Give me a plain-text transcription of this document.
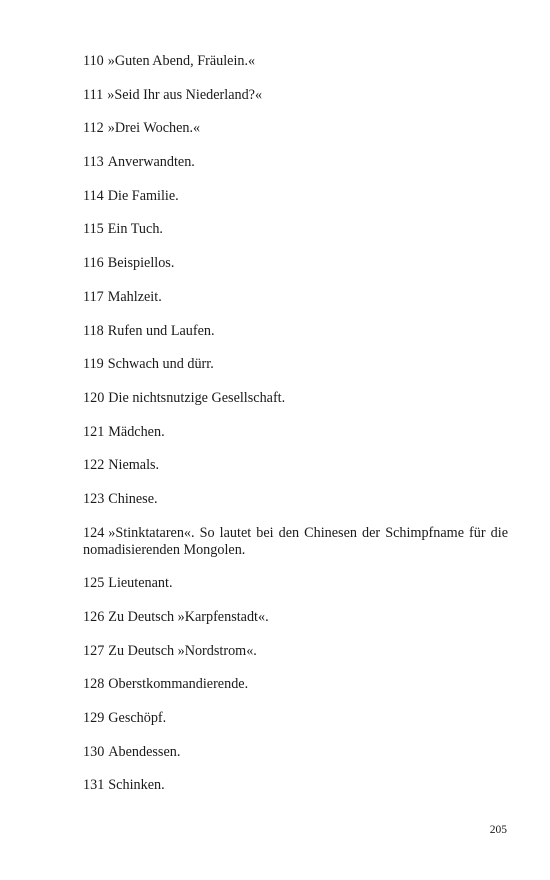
110 »Guten Abend, Fräulein.«

111 »Seid Ihr aus Niederland?«

112 »Drei Wochen.«

113 Anverwandten.

114 Die Familie.

115 Ein Tuch.

116 Beispiellos.

117 Mahlzeit.

118 Rufen und Laufen.

119 Schwach und dürr.

120 Die nichtsnutzige Gesellschaft.

121 Mädchen.

122 Niemals.

123 Chinese.

124 »Stinktataren«. So lautet bei den Chinesen der Schimpfname für die nomadisierenden Mongolen.

125 Lieutenant.

126 Zu Deutsch »Karpfenstadt«.

127 Zu Deutsch »Nordstrom«.

128 Oberstkommandierende.

129 Geschöpf.

130 Abendessen.

131 Schinken.

205
